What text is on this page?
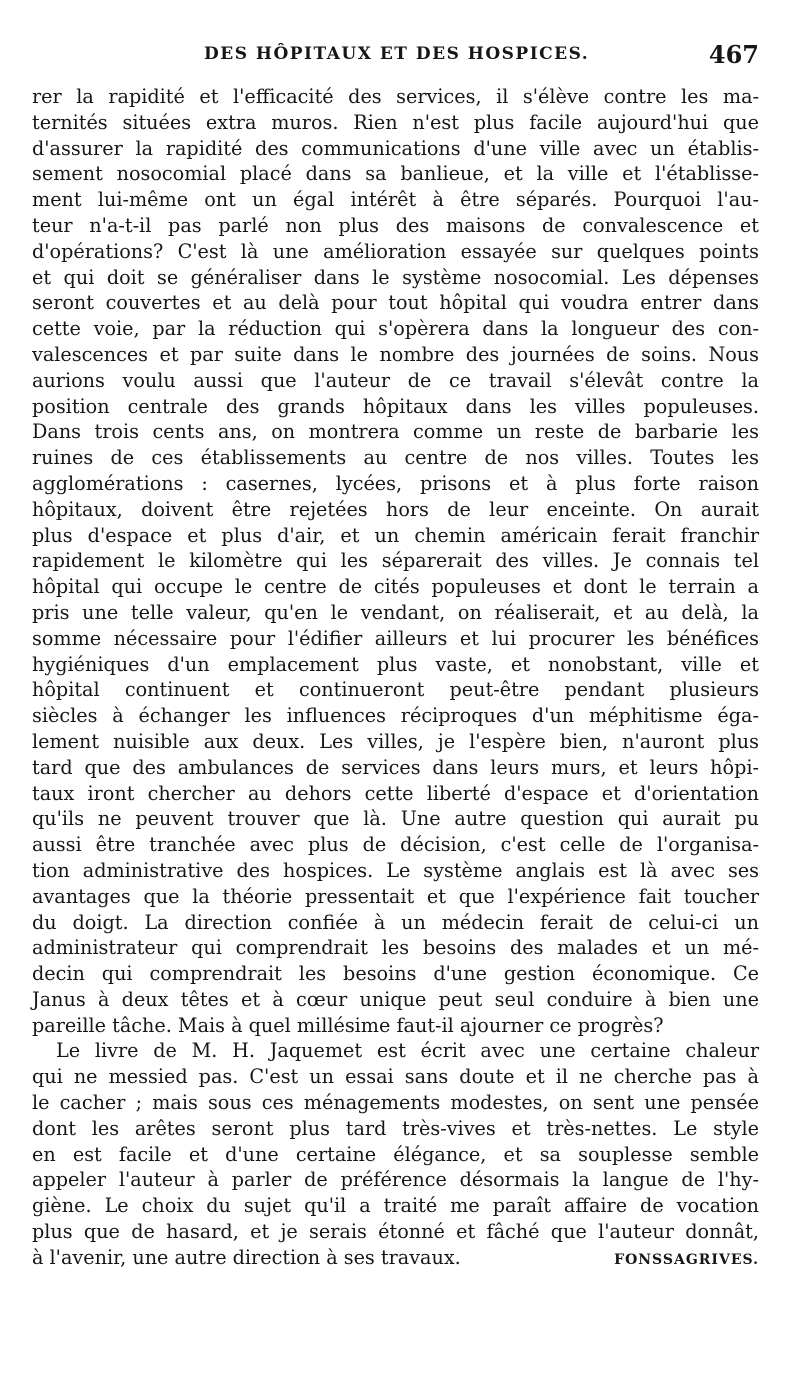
DES HÔPITAUX ET DES HOSPICES.	467
rer la rapidité et l'efficacité des services, il s'élève contre les ma-
ternités situées extra muros. Rien n'est plus facile aujourd'hui que
d'assurer la rapidité des communications d'une ville avec un établis-
sement nosocomial placé dans sa banlieue, et la ville et l'établisse-
ment lui-même ont un égal intérêt à être séparés. Pourquoi l'au-
teur n'a-t-il pas parlé non plus des maisons de convalescence et
d'opérations? C'est là une amélioration essayée sur quelques points
et qui doit se généraliser dans le système nosocomial. Les dépenses
seront couvertes et au delà pour tout hôpital qui voudra entrer dans
cette voie, par la réduction qui s'opèrera dans la longueur des con-
valescences et par suite dans le nombre des journées de soins. Nous
aurions voulu aussi que l'auteur de ce travail s'élevât contre la
position centrale des grands hôpitaux dans les villes populeuses.
Dans trois cents ans, on montrera comme un reste de barbarie les
ruines de ces établissements au centre de nos villes. Toutes les
agglomérations : casernes, lycées, prisons et à plus forte raison
hôpitaux, doivent être rejetées hors de leur enceinte. On aurait
plus d'espace et plus d'air, et un chemin américain ferait franchir
rapidement le kilomètre qui les séparerait des villes. Je connais tel
hôpital qui occupe le centre de cités populeuses et dont le terrain a
pris une telle valeur, qu'en le vendant, on réaliserait, et au delà, la
somme nécessaire pour l'édifier ailleurs et lui procurer les bénéfices
hygiéniques d'un emplacement plus vaste, et nonobstant, ville et
hôpital continuent et continueront peut-être pendant plusieurs
siècles à échanger les influences réciproques d'un méphitisme éga-
lement nuisible aux deux. Les villes, je l'espère bien, n'auront plus
tard que des ambulances de services dans leurs murs, et leurs hôpi-
taux iront chercher au dehors cette liberté d'espace et d'orientation
qu'ils ne peuvent trouver que là. Une autre question qui aurait pu
aussi être tranchée avec plus de décision, c'est celle de l'organisa-
tion administrative des hospices. Le système anglais est là avec ses
avantages que la théorie pressentait et que l'expérience fait toucher
du doigt. La direction confiée à un médecin ferait de celui-ci un
administrateur qui comprendrait les besoins des malades et un mé-
decin qui comprendrait les besoins d'une gestion économique. Ce
Janus à deux têtes et à cœur unique peut seul conduire à bien une
pareille tâche. Mais à quel millésime faut-il ajourner ce progrès?
Le livre de M. H. Jaquemet est écrit avec une certaine chaleur
qui ne messied pas. C'est un essai sans doute et il ne cherche pas à
le cacher ; mais sous ces ménagements modestes, on sent une pensée
dont les arêtes seront plus tard très-vives et très-nettes. Le style
en est facile et d'une certaine élégance, et sa souplesse semble
appeler l'auteur à parler de préférence désormais la langue de l'hy-
giène. Le choix du sujet qu'il a traité me paraît affaire de vocation
plus que de hasard, et je serais étonné et fâché que l'auteur donnât,
FONSSAGRIVES.
à l'avenir, une autre direction à ses travaux.
